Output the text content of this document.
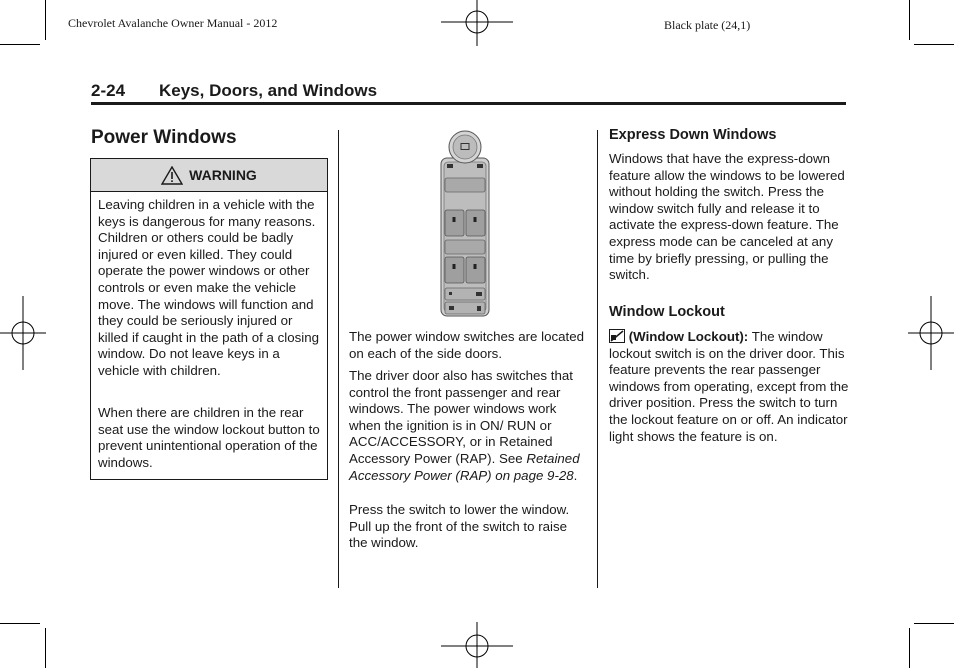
Chevrolet Avalanche Owner Manual - 2012	Black plate (24,1)
2-24 Keys, Doors, and Windows
Power Windows
WARNING
Leaving children in a vehicle with the keys is dangerous for many reasons. Children or others could be badly injured or even killed. They could operate the power windows or other controls or even make the vehicle move. The windows will function and they could be seriously injured or killed if caught in the path of a closing window. Do not leave keys in a vehicle with children.
When there are children in the rear seat use the window lockout button to prevent unintentional operation of the windows.
The power window switches are located on each of the side doors.
The driver door also has switches that control the front passenger and rear windows. The power windows work when the ignition is in ON/ RUN or ACC/ACCESSORY, or in Retained Accessory Power (RAP). See Retained Accessory Power (RAP) on page 9-28.
Press the switch to lower the window. Pull up the front of the switch to raise the window.
Express Down Windows
Windows that have the express-down feature allow the windows to be lowered without holding the switch. Press the window switch fully and release it to activate the express-down feature. The express mode can be canceled at any time by briefly pressing, or pulling the switch.
Window Lockout
(Window Lockout): The window lockout switch is on the driver door. This feature prevents the rear passenger windows from operating, except from the driver position. Press the switch to turn the lockout feature on or off. An indicator light shows the feature is on.
